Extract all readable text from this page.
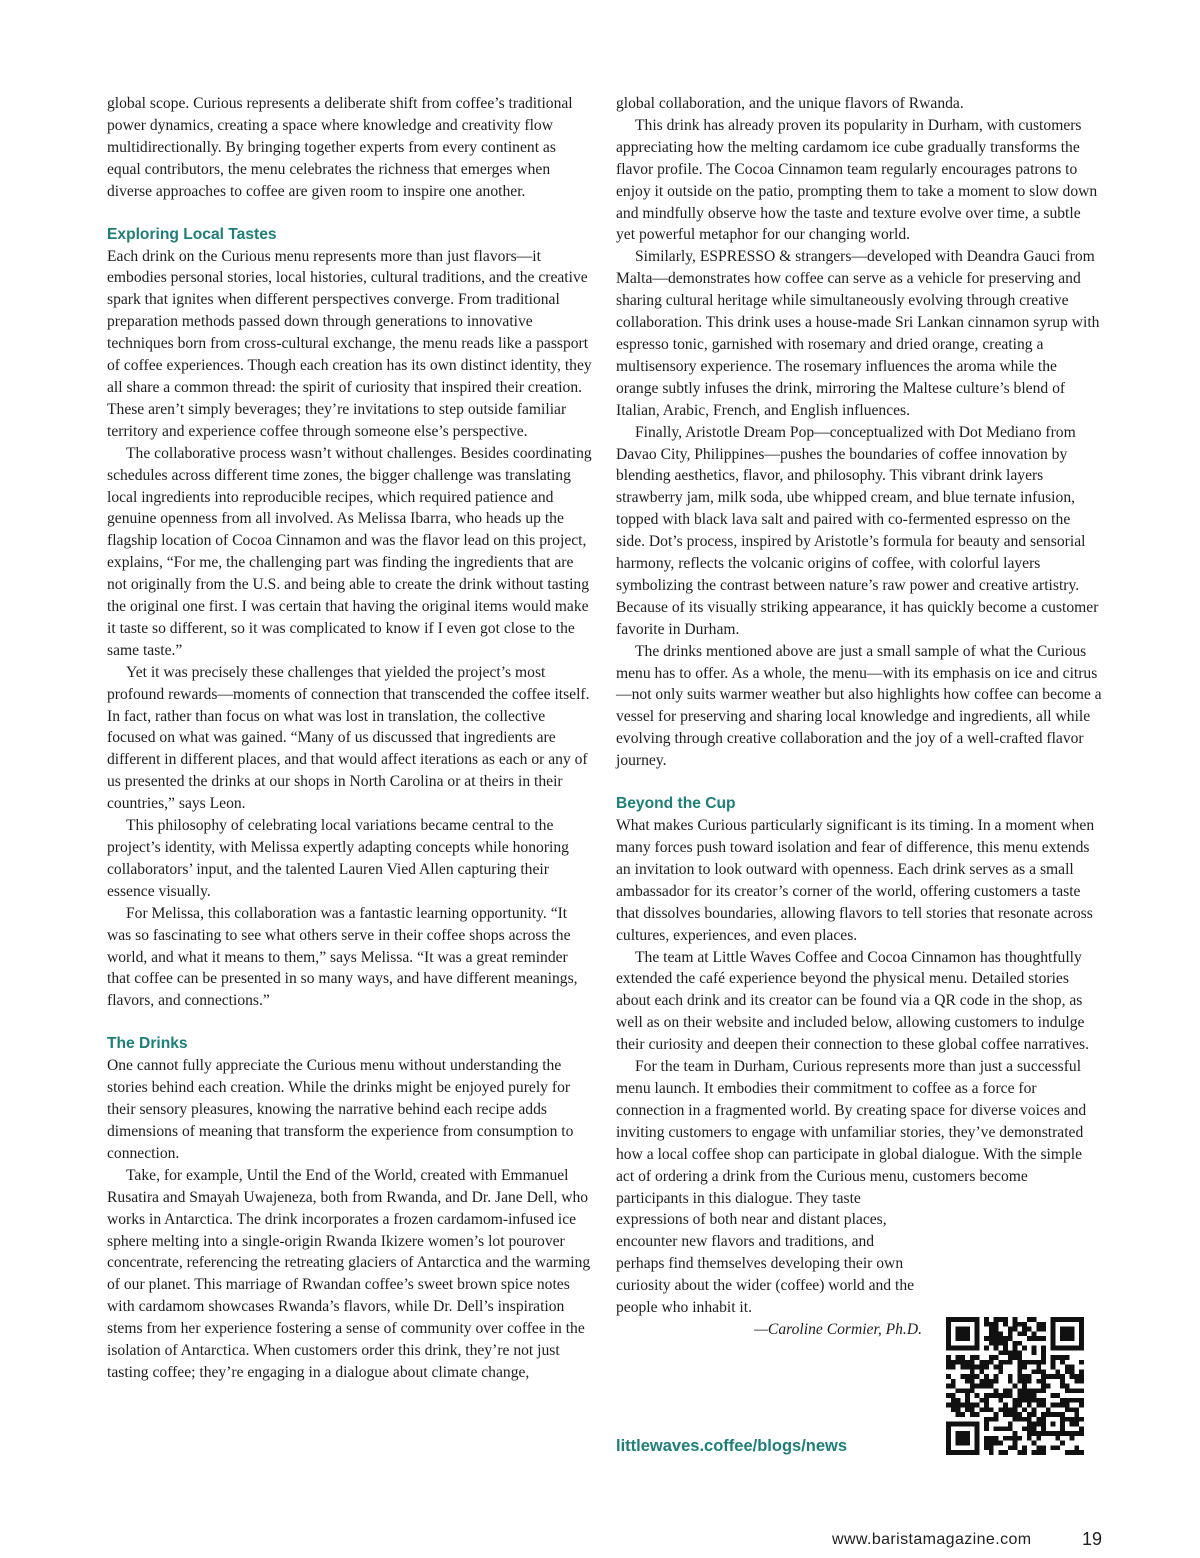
global scope. Curious represents a deliberate shift from coffee’s traditional power dynamics, creating a space where knowledge and creativity flow multidirectionally. By bringing together experts from every continent as equal contributors, the menu celebrates the richness that emerges when diverse approaches to coffee are given room to inspire one another.

Exploring Local Tastes

Each drink on the Curious menu represents more than just flavors—it embodies personal stories, local histories, cultural traditions, and the creative spark that ignites when different perspectives converge. From traditional preparation methods passed down through generations to innovative techniques born from cross-cultural exchange, the menu reads like a passport of coffee experiences. Though each creation has its own distinct identity, they all share a common thread: the spirit of curiosity that inspired their creation. These aren’t simply beverages; they’re invitations to step outside familiar territory and experience coffee through someone else’s perspective.

The collaborative process wasn’t without challenges. Besides coordinating schedules across different time zones, the bigger challenge was translating local ingredients into reproducible recipes, which required patience and genuine openness from all involved. As Melissa Ibarra, who heads up the flagship location of Cocoa Cinnamon and was the flavor lead on this project, explains, “For me, the challenging part was finding the ingredients that are not originally from the U.S. and being able to create the drink without tasting the original one first. I was certain that having the original items would make it taste so different, so it was complicated to know if I even got close to the same taste.”

Yet it was precisely these challenges that yielded the project’s most profound rewards—moments of connection that transcended the coffee itself. In fact, rather than focus on what was lost in translation, the collective focused on what was gained. “Many of us discussed that ingredients are different in different places, and that would affect iterations as each or any of us presented the drinks at our shops in North Carolina or at theirs in their countries,” says Leon.

This philosophy of celebrating local variations became central to the project’s identity, with Melissa expertly adapting concepts while honoring collaborators’ input, and the talented Lauren Vied Allen capturing their essence visually.

For Melissa, this collaboration was a fantastic learning opportunity. “It was so fascinating to see what others serve in their coffee shops across the world, and what it means to them,” says Melissa. “It was a great reminder that coffee can be presented in so many ways, and have different meanings, flavors, and connections.”

The Drinks

One cannot fully appreciate the Curious menu without understanding the stories behind each creation. While the drinks might be enjoyed purely for their sensory pleasures, knowing the narrative behind each recipe adds dimensions of meaning that transform the experience from consumption to connection.

Take, for example, Until the End of the World, created with Emmanuel Rusatira and Smayah Uwajeneza, both from Rwanda, and Dr. Jane Dell, who works in Antarctica. The drink incorporates a frozen cardamom-infused ice sphere melting into a single-origin Rwanda Ikizere women’s lot pourover concentrate, referencing the retreating glaciers of Antarctica and the warming of our planet. This marriage of Rwandan coffee’s sweet brown spice notes with cardamom showcases Rwanda’s flavors, while Dr. Dell’s inspiration stems from her experience fostering a sense of community over coffee in the isolation of Antarctica. When customers order this drink, they’re not just tasting coffee; they’re engaging in a dialogue about climate change,

global collaboration, and the unique flavors of Rwanda.

This drink has already proven its popularity in Durham, with customers appreciating how the melting cardamom ice cube gradually transforms the flavor profile. The Cocoa Cinnamon team regularly encourages patrons to enjoy it outside on the patio, prompting them to take a moment to slow down and mindfully observe how the taste and texture evolve over time, a subtle yet powerful metaphor for our changing world.

Similarly, ESPRESSO & strangers—developed with Deandra Gauci from Malta—demonstrates how coffee can serve as a vehicle for preserving and sharing cultural heritage while simultaneously evolving through creative collaboration. This drink uses a house-made Sri Lankan cinnamon syrup with espresso tonic, garnished with rosemary and dried orange, creating a multisensory experience. The rosemary influences the aroma while the orange subtly infuses the drink, mirroring the Maltese culture’s blend of Italian, Arabic, French, and English influences.

Finally, Aristotle Dream Pop—conceptualized with Dot Mediano from Davao City, Philippines—pushes the boundaries of coffee innovation by blending aesthetics, flavor, and philosophy. This vibrant drink layers strawberry jam, milk soda, ube whipped cream, and blue ternate infusion, topped with black lava salt and paired with co-fermented espresso on the side. Dot’s process, inspired by Aristotle’s formula for beauty and sensorial harmony, reflects the volcanic origins of coffee, with colorful layers symbolizing the contrast between nature’s raw power and creative artistry. Because of its visually striking appearance, it has quickly become a customer favorite in Durham.

The drinks mentioned above are just a small sample of what the Curious menu has to offer. As a whole, the menu—with its emphasis on ice and citrus—not only suits warmer weather but also highlights how coffee can become a vessel for preserving and sharing local knowledge and ingredients, all while evolving through creative collaboration and the joy of a well-crafted flavor journey.

Beyond the Cup

What makes Curious particularly significant is its timing. In a moment when many forces push toward isolation and fear of difference, this menu extends an invitation to look outward with openness. Each drink serves as a small ambassador for its creator’s corner of the world, offering customers a taste that dissolves boundaries, allowing flavors to tell stories that resonate across cultures, experiences, and even places.

The team at Little Waves Coffee and Cocoa Cinnamon has thoughtfully extended the café experience beyond the physical menu. Detailed stories about each drink and its creator can be found via a QR code in the shop, as well as on their website and included below, allowing customers to indulge their curiosity and deepen their connection to these global coffee narratives.

For the team in Durham, Curious represents more than just a successful menu launch. It embodies their commitment to coffee as a force for connection in a fragmented world. By creating space for diverse voices and inviting customers to engage with unfamiliar stories, they’ve demonstrated how a local coffee shop can participate in global dialogue. With the simple act of ordering a drink from the Curious menu, customers become participants in this dialogue. They taste

expressions of both near and distant places, encounter new flavors and traditions, and perhaps find themselves developing their own curiosity about the wider (coffee) world and the people who inhabit it.

—Caroline Cormier, Ph.D.
littlewaves.coffee/blogs/news
www.baristamagazine.com	19
